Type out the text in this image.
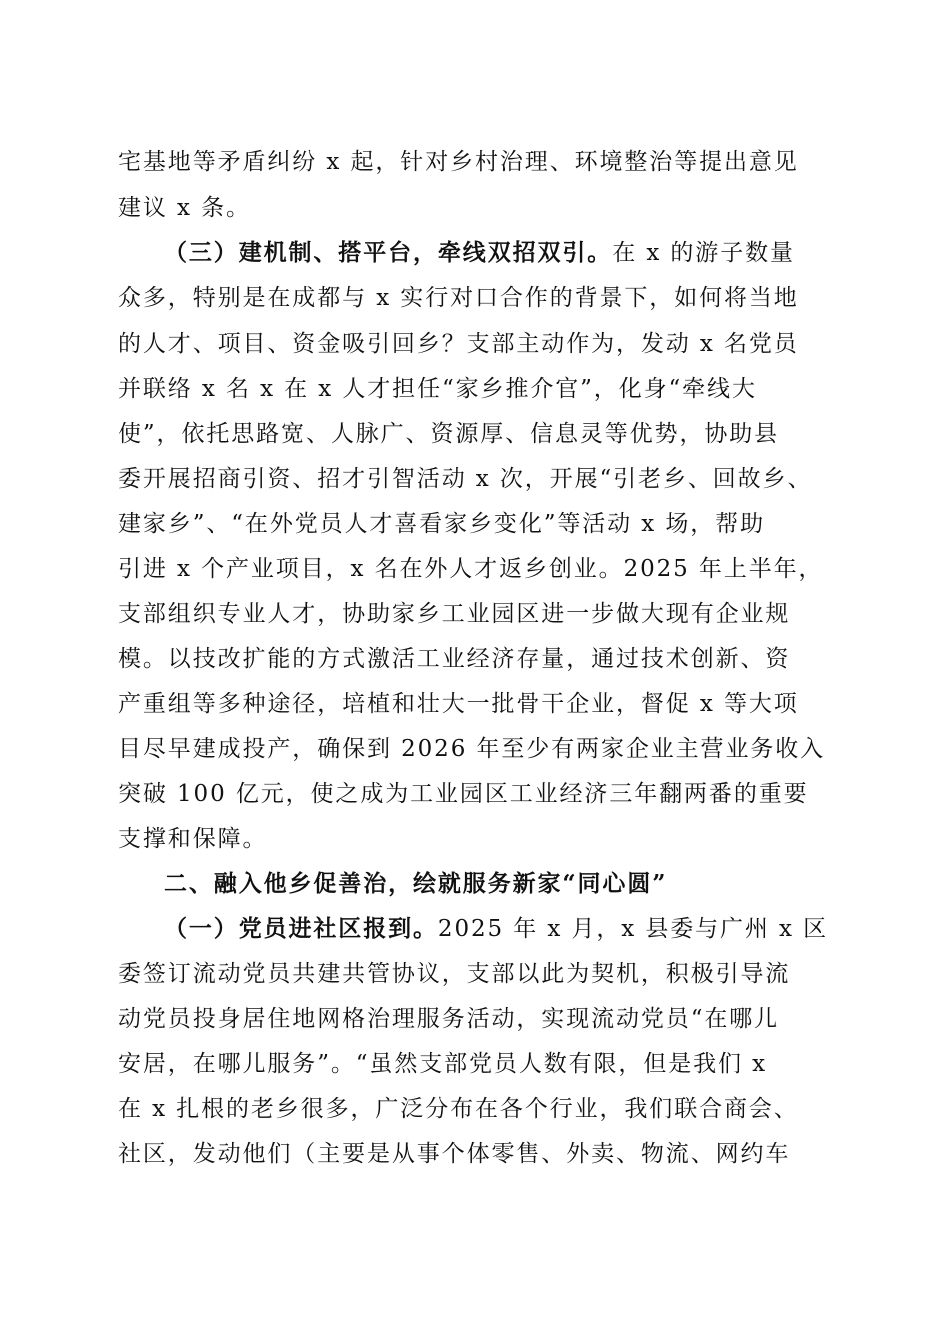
宅基地等矛盾纠纷 x 起，针对乡村治理、环境整治等提出意见
建议 x 条。
（三）建机制、搭平台，牵线双招双引。在 x 的游子数量
众多，特别是在成都与 x 实行对口合作的背景下，如何将当地
的人才、项目、资金吸引回乡？支部主动作为，发动 x 名党员
并联络 x 名 x 在 x 人才担任“家乡推介官”，化身“牵线大
使”，依托思路宽、人脉广、资源厚、信息灵等优势，协助县
委开展招商引资、招才引智活动 x 次，开展“引老乡、回故乡、
建家乡”、“在外党员人才喜看家乡变化”等活动 x 场，帮助
引进 x 个产业项目，x 名在外人才返乡创业。2025 年上半年，
支部组织专业人才，协助家乡工业园区进一步做大现有企业规
模。以技改扩能的方式激活工业经济存量，通过技术创新、资
产重组等多种途径，培植和壮大一批骨干企业，督促 x 等大项
目尽早建成投产，确保到 2026 年至少有两家企业主营业务收入
突破 100 亿元，使之成为工业园区工业经济三年翻两番的重要
支撑和保障。
二、融入他乡促善治，绘就服务新家“同心圆”
（一）党员进社区报到。2025 年 x 月，x 县委与广州 x 区
委签订流动党员共建共管协议，支部以此为契机，积极引导流
动党员投身居住地网格治理服务活动，实现流动党员“在哪儿
安居，在哪儿服务”。“虽然支部党员人数有限，但是我们 x
在 x 扎根的老乡很多，广泛分布在各个行业，我们联合商会、
社区，发动他们（主要是从事个体零售、外卖、物流、网约车
